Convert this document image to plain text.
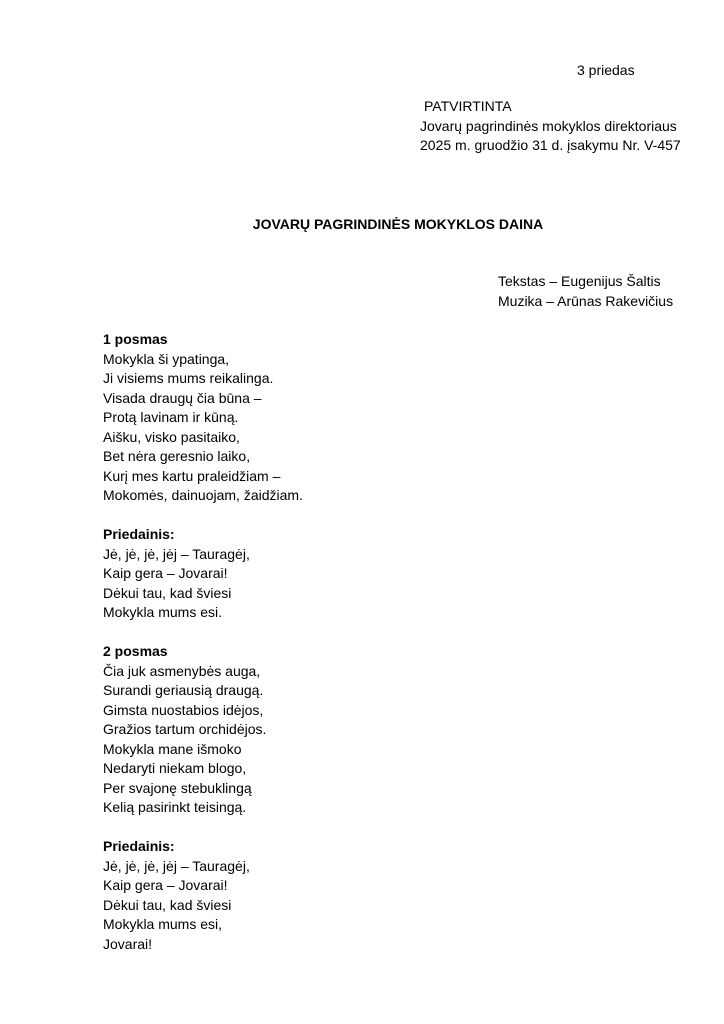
3 priedas
PATVIRTINTA
Jovarų pagrindinės mokyklos direktoriaus
2025 m. gruodžio 31 d. įsakymu Nr. V-457
JOVARŲ PAGRINDINĖS MOKYKLOS DAINA
Tekstas – Eugenijus Šaltis
Muzika – Arūnas Rakevičius
1 posmas
Mokykla ši ypatinga,
Ji visiems mums reikalinga.
Visada draugų čia būna –
Protą lavinam ir kūną.
Aišku, visko pasitaiko,
Bet nėra geresnio laiko,
Kurį mes kartu praleidžiam –
Mokomės, dainuojam, žaidžiam.
Priedainis:
Jė, jė, jė, jėj – Tauragėj,
Kaip gera – Jovarai!
Dėkui tau, kad šviesi
Mokykla mums esi.
2 posmas
Čia juk asmenybės auga,
Surandi geriausią draugą.
Gimsta nuostabios idėjos,
Gražios tartum orchidėjos.
Mokykla mane išmoko
Nedaryti niekam blogo,
Per svajonę stebuklingą
Kelią pasirinkt teisingą.
Priedainis:
Jė, jė, jė, jėj – Tauragėj,
Kaip gera – Jovarai!
Dėkui tau, kad šviesi
Mokykla mums esi,
Jovarai!
